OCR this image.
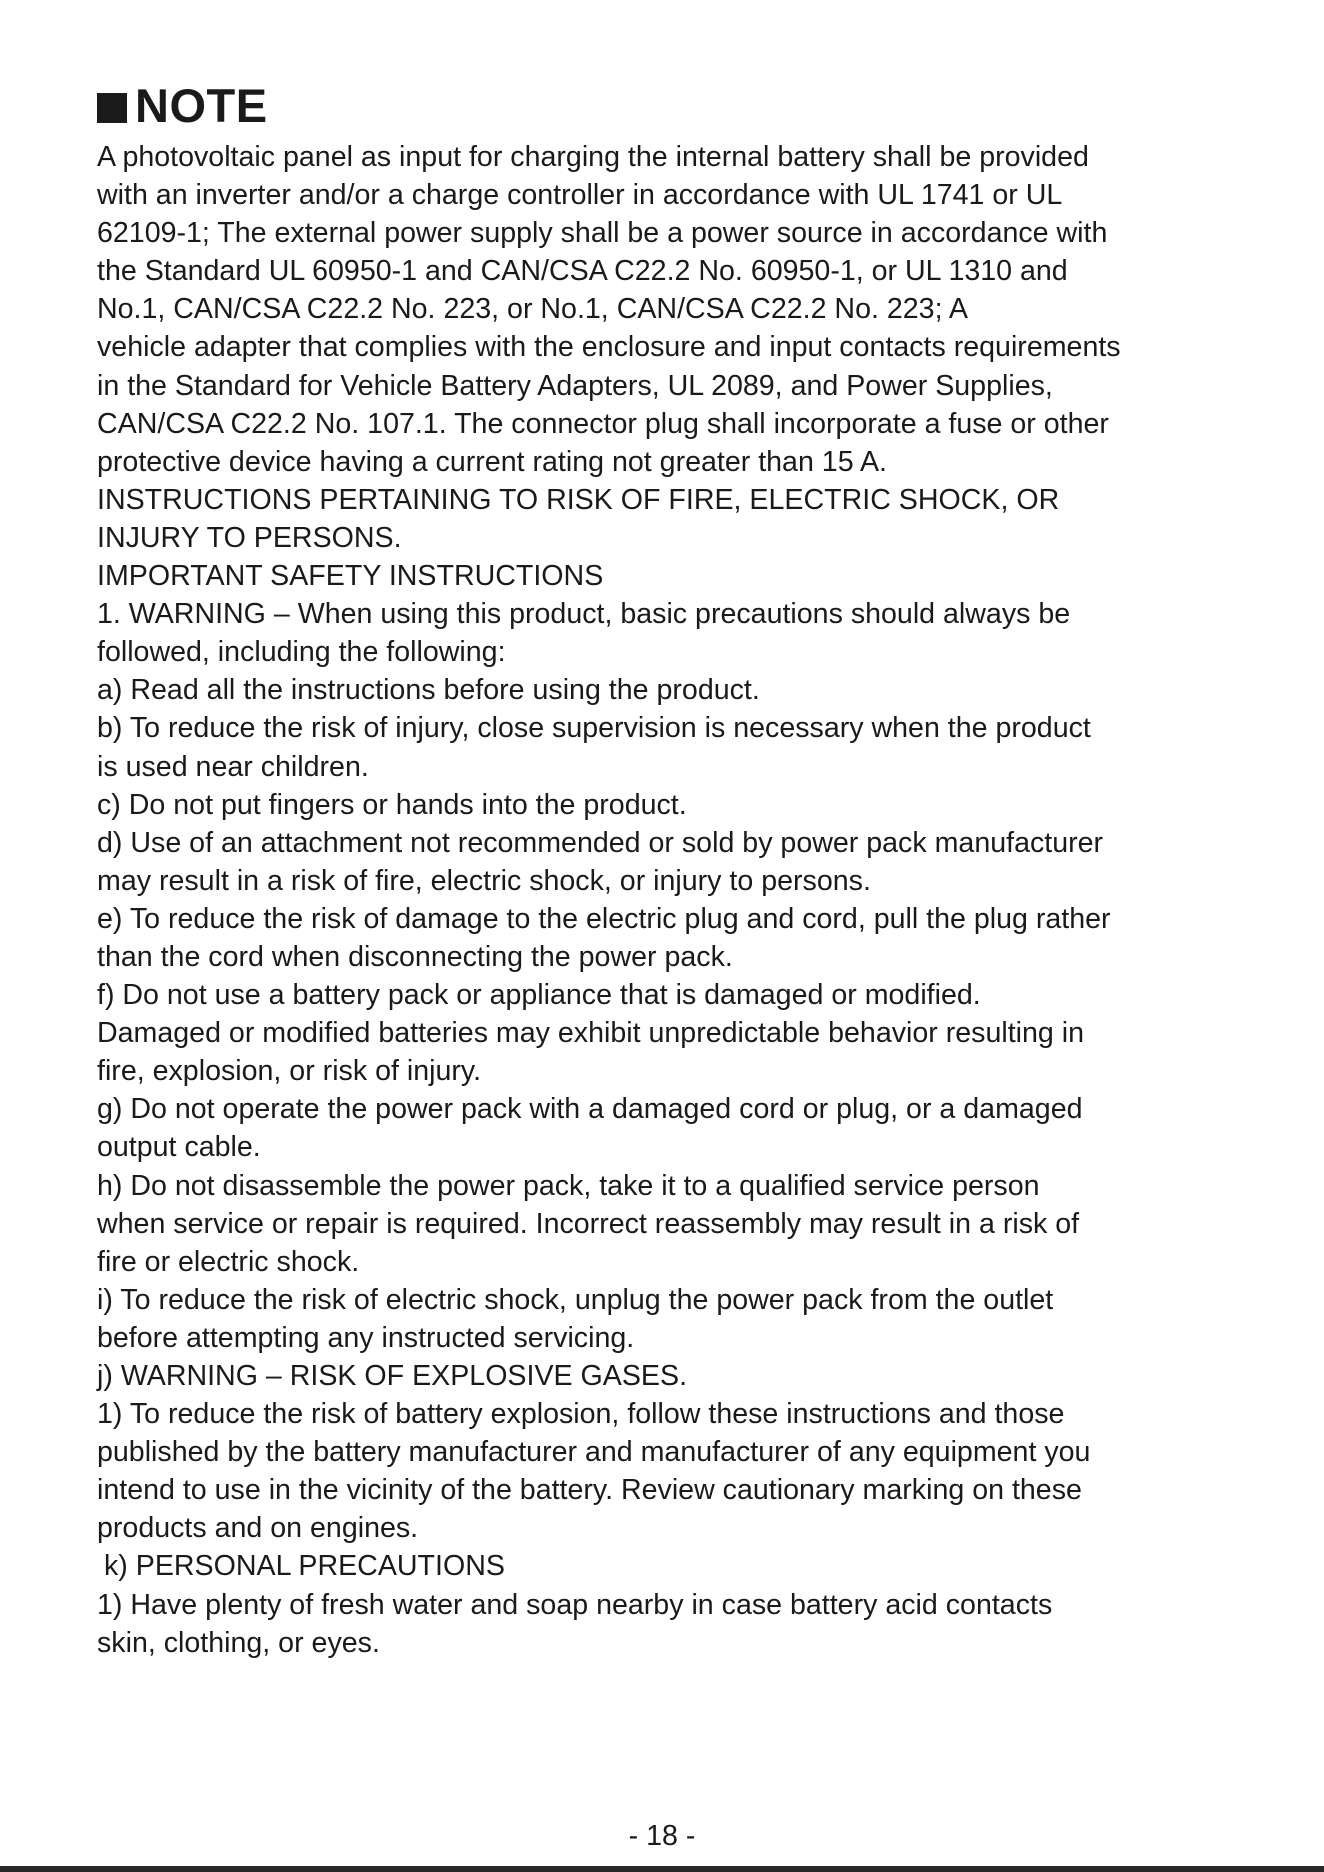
NOTE
A photovoltaic panel as input for charging the internal battery shall be provided
with an inverter and/or a charge controller in accordance with UL 1741 or UL
62109-1; The external power supply shall be a power source in accordance with
the Standard UL 60950-1 and CAN/CSA C22.2 No. 60950-1, or UL 1310 and
No.1, CAN/CSA C22.2 No. 223, or No.1, CAN/CSA C22.2 No. 223; A
vehicle adapter that complies with the enclosure and input contacts requirements
in the Standard for Vehicle Battery Adapters, UL 2089, and Power Supplies,
CAN/CSA C22.2 No. 107.1. The connector plug shall incorporate a fuse or other
protective device having a current rating not greater than 15 A.
INSTRUCTIONS PERTAINING TO RISK OF FIRE, ELECTRIC SHOCK, OR
INJURY TO PERSONS.
IMPORTANT SAFETY INSTRUCTIONS
1. WARNING – When using this product, basic precautions should always be
followed, including the following:
a) Read all the instructions before using the product.
b) To reduce the risk of injury, close supervision is necessary when the product
is used near children.
c) Do not put fingers or hands into the product.
d) Use of an attachment not recommended or sold by power pack manufacturer
may result in a risk of fire, electric shock, or injury to persons.
e) To reduce the risk of damage to the electric plug and cord, pull the plug rather
than the cord when disconnecting the power pack.
f) Do not use a battery pack or appliance that is damaged or modified.
Damaged or modified batteries may exhibit unpredictable behavior resulting in
fire, explosion, or risk of injury.
g) Do not operate the power pack with a damaged cord or plug, or a damaged
output cable.
h) Do not disassemble the power pack, take it to a qualified service person
when service or repair is required. Incorrect reassembly may result in a risk of
fire or electric shock.
i) To reduce the risk of electric shock, unplug the power pack from the outlet
before attempting any instructed servicing.
j) WARNING – RISK OF EXPLOSIVE GASES.
1) To reduce the risk of battery explosion, follow these instructions and those
published by the battery manufacturer and manufacturer of any equipment you
intend to use in the vicinity of the battery. Review cautionary marking on these
products and on engines.
k) PERSONAL PRECAUTIONS
1) Have plenty of fresh water and soap nearby in case battery acid contacts
skin, clothing, or eyes.
- 18 -
